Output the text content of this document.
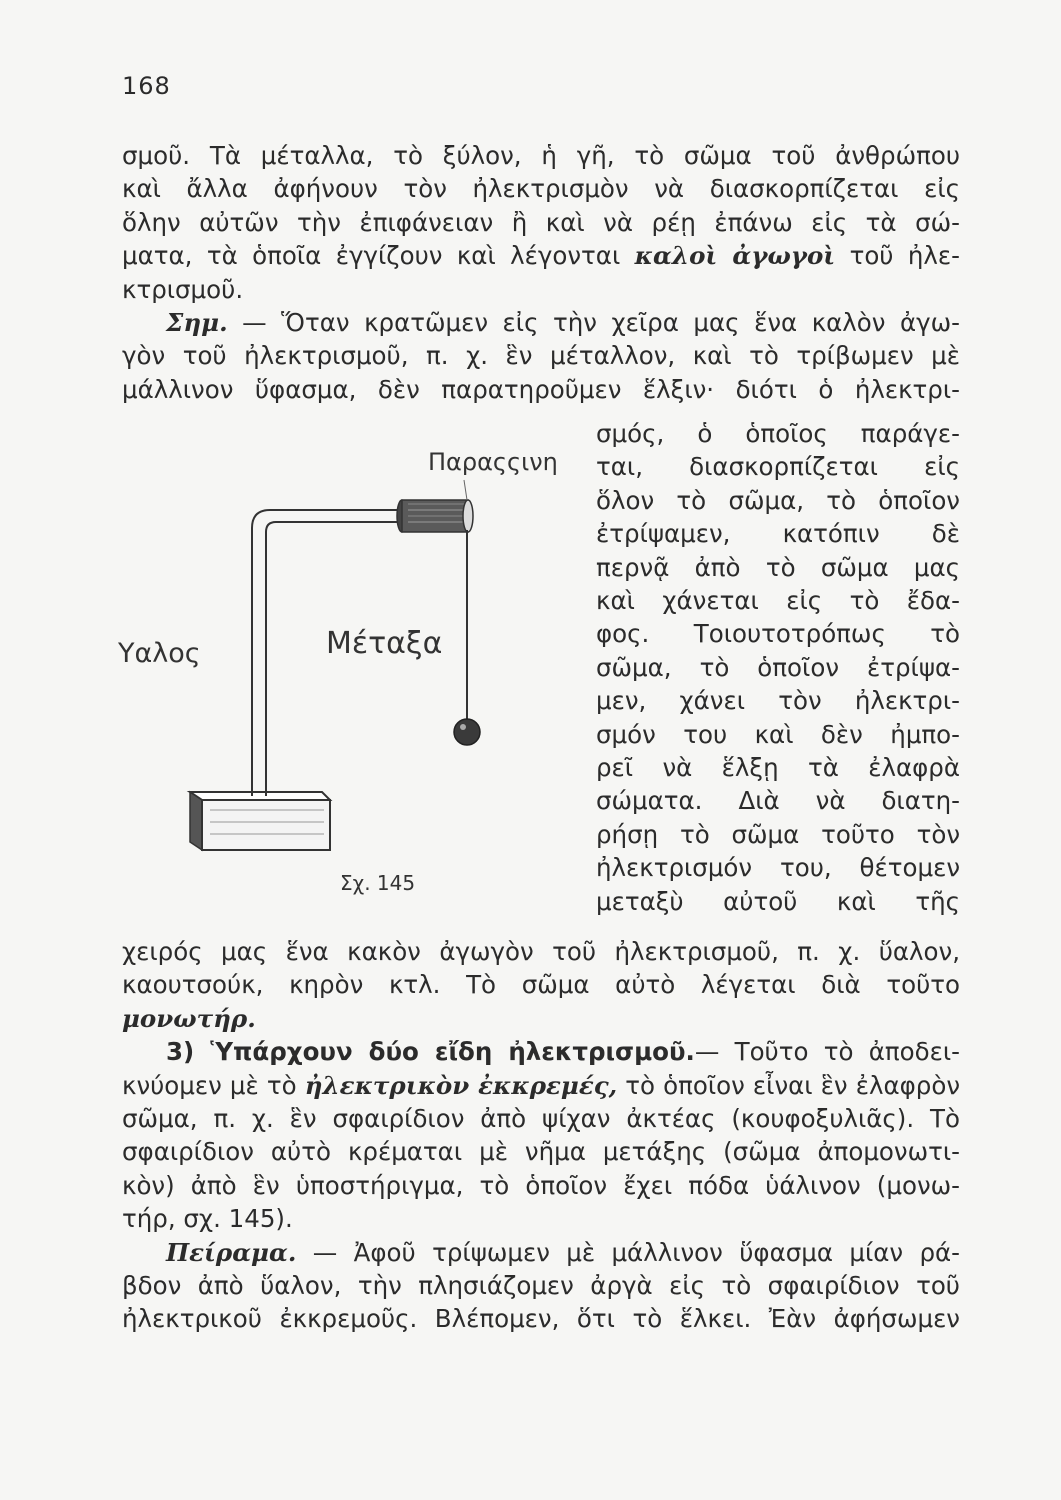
168
σμοῦ. Τὰ μέταλλα, τὸ ξύλον, ἡ γῆ, τὸ σῶμα τοῦ ἀνθρώπου
καὶ ἄλλα ἀφήνουν τὸν ἠλεκτρισμὸν νὰ διασκορπίζεται εἰς
ὅλην αὐτῶν τὴν ἐπιφάνειαν ἢ καὶ νὰ ρέῃ ἐπάνω εἰς τὰ σώ-
ματα, τὰ ὁποῖα ἐγγίζουν καὶ λέγονται καλοὶ ἀγωγοὶ τοῦ ἠλε-
κτρισμοῦ.
Σημ. — Ὅταν κρατῶμεν εἰς τὴν χεῖρα μας ἕνα καλὸν ἀγω-
γὸν τοῦ ἠλεκτρισμοῦ, π. χ. ἓν μέταλλον, καὶ τὸ τρίβωμεν μὲ
μάλλινον ὕφασμα, δὲν παρατηροῦμεν ἕλξιν· διότι ὁ ἠλεκτρι-
σμός, ὁ ὁποῖος παράγε-
ται, διασκορπίζεται εἰς
ὅλον τὸ σῶμα, τὸ ὁποῖον
ἐτρίψαμεν, κατόπιν δὲ
περνᾷ ἀπὸ τὸ σῶμα μας
καὶ χάνεται εἰς τὸ ἔδα-
φος. Τοιουτοτρόπως τὸ
σῶμα, τὸ ὁποῖον ἐτρίψα-
μεν, χάνει τὸν ἠλεκτρι-
σμόν του καὶ δὲν ἠμπο-
ρεῖ νὰ ἕλξῃ τὰ ἐλαφρὰ
σώματα. Διὰ νὰ διατη-
ρήσῃ τὸ σῶμα τοῦτο τὸν
ἠλεκτρισμόν του, θέτομεν
μεταξὺ αὐτοῦ καὶ τῆς
Παραςςινη
Υαλος	Μέταξα
Σχ. 145
χειρός μας ἕνα κακὸν ἀγωγὸν τοῦ ἠλεκτρισμοῦ, π. χ. ὕαλον,
καουτσούκ, κηρὸν κτλ. Τὸ σῶμα αὐτὸ λέγεται διὰ τοῦτο
μονωτήρ.
3) Ὑπάρχουν δύο εἴδη ἠλεκτρισμοῦ.— Τοῦτο τὸ ἀποδει-
κνύομεν μὲ τὸ ἠλεκτρικὸν ἐκκρεμές, τὸ ὁποῖον εἶναι ἓν ἐλαφρὸν
σῶμα, π. χ. ἓν σφαιρίδιον ἀπὸ ψίχαν ἀκτέας (κουφοξυλιᾶς). Τὸ
σφαιρίδιον αὐτὸ κρέμαται μὲ νῆμα μετάξης (σῶμα ἀπομονωτι-
κὸν) ἀπὸ ἓν ὑποστήριγμα, τὸ ὁποῖον ἔχει πόδα ὑάλινον (μονω-
τήρ, σχ. 145).
Πείραμα. — Ἀφοῦ τρίψωμεν μὲ μάλλινον ὕφασμα μίαν ρά-
βδον ἀπὸ ὕαλον, τὴν πλησιάζομεν ἀργὰ εἰς τὸ σφαιρίδιον τοῦ
ἠλεκτρικοῦ ἐκκρεμοῦς. Βλέπομεν, ὅτι τὸ ἕλκει. Ἐὰν ἀφήσωμεν
